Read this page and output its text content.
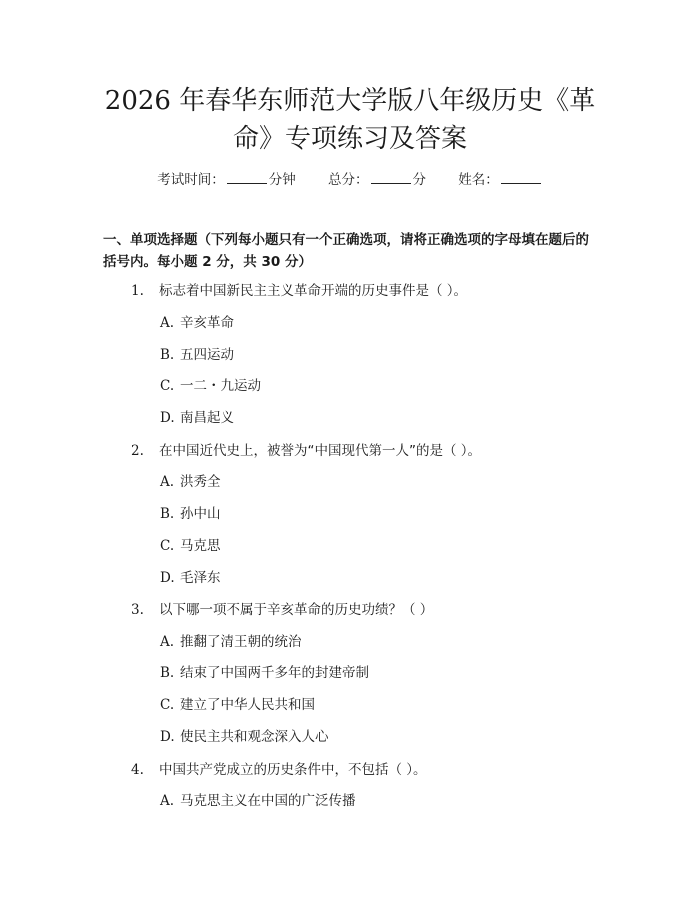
2026 年春华东师范大学版八年级历史《革
命》专项练习及答案
考试时间：	分钟 总分：	分 姓名：
一、单项选择题（下列每小题只有一个正确选项，请将正确选项的字母填在题后的括号内。每小题 2 分，共 30 分）
1. 标志着中国新民主主义革命开端的历史事件是（ ）。
A. 辛亥革命
B. 五四运动
C. 一二・九运动
D. 南昌起义
2. 在中国近代史上，被誉为“中国现代第一人”的是（ ）。
A. 洪秀全
B. 孙中山
C. 马克思
D. 毛泽东
3. 以下哪一项不属于辛亥革命的历史功绩？（ ）
A. 推翻了清王朝的统治
B. 结束了中国两千多年的封建帝制
C. 建立了中华人民共和国
D. 使民主共和观念深入人心
4. 中国共产党成立的历史条件中，不包括（ ）。
A. 马克思主义在中国的广泛传播
